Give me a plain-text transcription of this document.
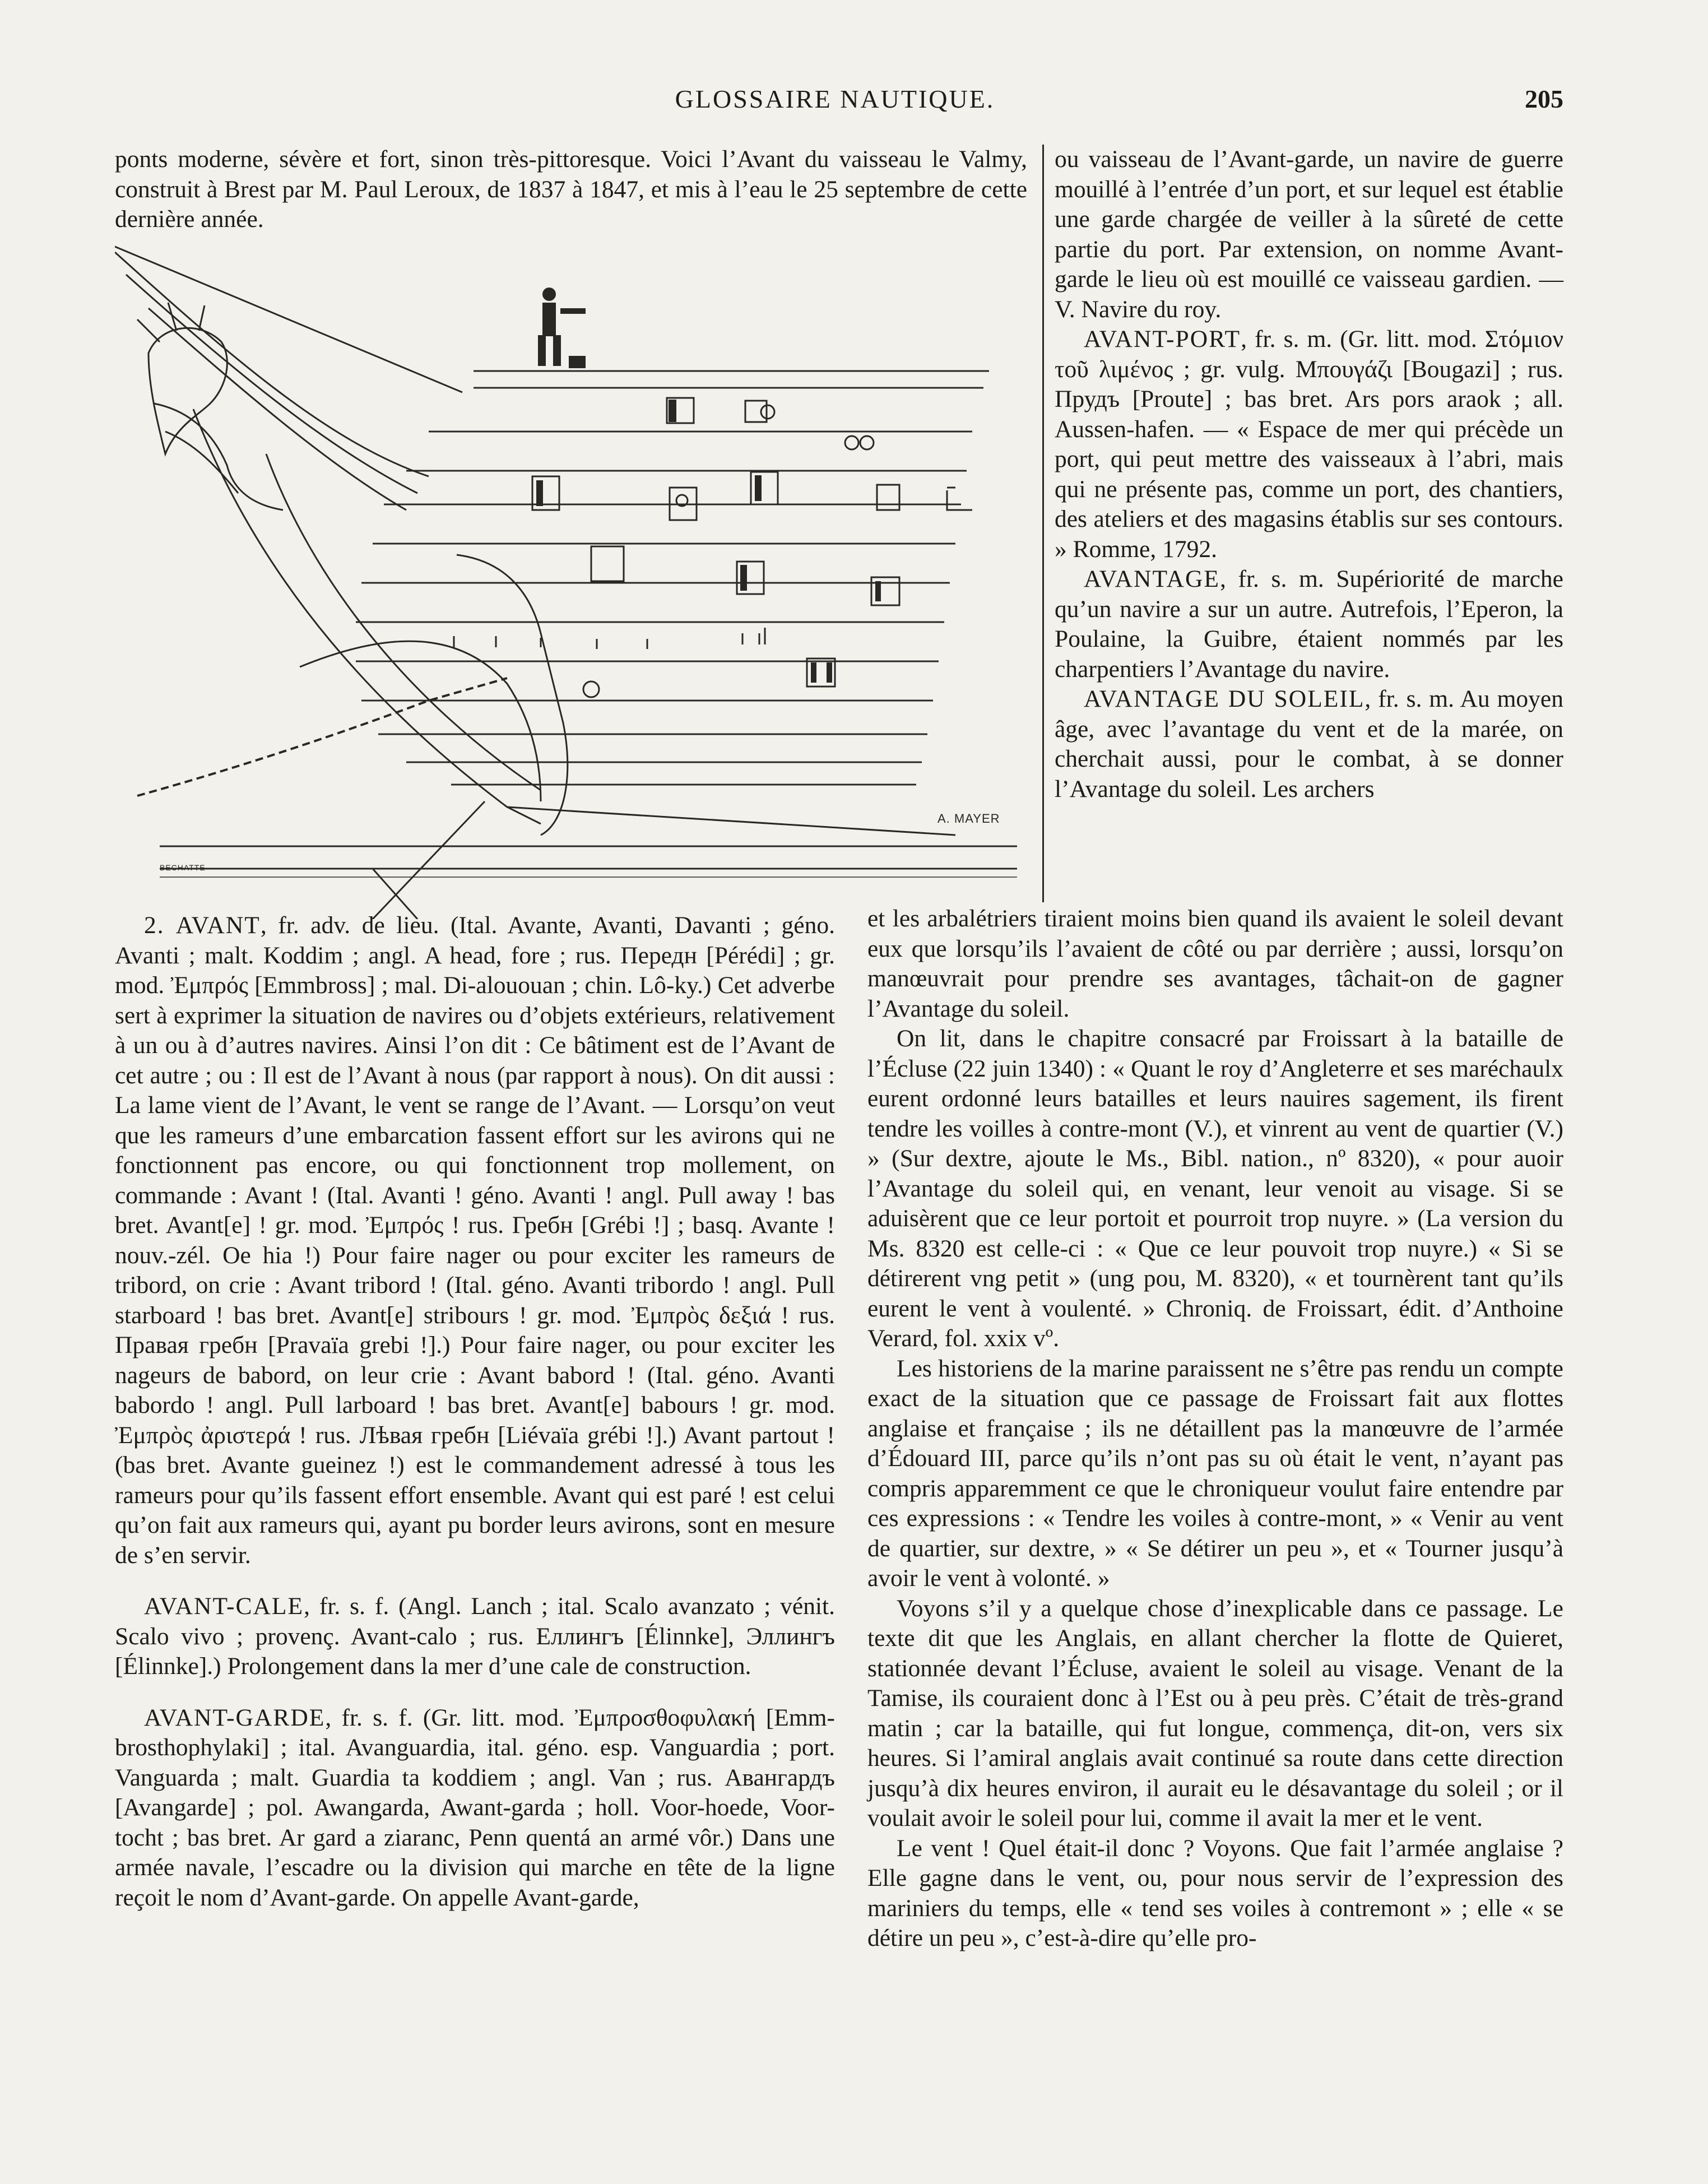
GLOSSAIRE NAUTIQUE.	205

ponts moderne, sévère et fort, sinon très-pittoresque. Voici l’Avant du vaisseau le Valmy, construit à Brest par M. Paul Leroux, de 1837 à 1847, et mis à l’eau le 25 septembre de cette dernière année.

A. MAYER
BECHATTE

ou vaisseau de l’Avant-garde, un navire de guerre mouillé à l’entrée d’un port, et sur lequel est établie une garde chargée de veiller à la sûreté de cette partie du port. Par extension, on nomme Avant-garde le lieu où est mouillé ce vaisseau gardien. — V. Navire du roy.

AVANT-PORT, fr. s. m. (Gr. litt. mod. Στόμιον τοῦ λιμένος ; gr. vulg. Μπουγάζι [Bougazi] ; rus. Прудъ [Proute] ; bas bret. Ars pors araok ; all. Aussen-hafen. — « Espace de mer qui précède un port, qui peut mettre des vaisseaux à l’abri, mais qui ne présente pas, comme un port, des chantiers, des ateliers et des magasins établis sur ses contours. » Romme, 1792.

AVANTAGE, fr. s. m. Supériorité de marche qu’un navire a sur un autre. Autrefois, l’Eperon, la Poulaine, la Guibre, étaient nommés par les charpentiers l’Avantage du navire.

AVANTAGE DU SOLEIL, fr. s. m. Au moyen âge, avec l’avantage du vent et de la marée, on cherchait aussi, pour le combat, à se donner l’Avantage du soleil. Les archers

2. AVANT, fr. adv. de lieu. (Ital. Avante, Avanti, Davanti ; géno. Avanti ; malt. Koddim ; angl. A head, fore ; rus. Передн [Pérédi] ; gr. mod. Ἐμπρός [Emmbross] ; mal. Di-alououan ; chin. Lô-ky.) Cet adverbe sert à exprimer la situation de navires ou d’objets extérieurs, relativement à un ou à d’autres navires. Ainsi l’on dit : Ce bâtiment est de l’Avant de cet autre ; ou : Il est de l’Avant à nous (par rapport à nous). On dit aussi : La lame vient de l’Avant, le vent se range de l’Avant. — Lorsqu’on veut que les rameurs d’une embarcation fassent effort sur les avirons qui ne fonctionnent pas encore, ou qui fonctionnent trop mollement, on commande : Avant ! (Ital. Avanti ! géno. Avanti ! angl. Pull away ! bas bret. Avant[e] ! gr. mod. Ἐμπρός ! rus. Гребн [Grébi !] ; basq. Avante ! nouv.-zél. Oe hia !) Pour faire nager ou pour exciter les rameurs de tribord, on crie : Avant tribord ! (Ital. géno. Avanti tribordo ! angl. Pull starboard ! bas bret. Avant[e] stribours ! gr. mod. Ἐμπρὸς δεξιά ! rus. Правая гребн [Pravaïa grebi !].) Pour faire nager, ou pour exciter les nageurs de babord, on leur crie : Avant babord ! (Ital. géno. Avanti babordo ! angl. Pull larboard ! bas bret. Avant[e] babours ! gr. mod. Ἐμπρὸς ἀριστερά ! rus. Лѣвая гребн [Liévaïa grébi !].) Avant partout ! (bas bret. Avante gueinez !) est le commandement adressé à tous les rameurs pour qu’ils fassent effort ensemble. Avant qui est paré ! est celui qu’on fait aux rameurs qui, ayant pu border leurs avirons, sont en mesure de s’en servir.

AVANT-CALE, fr. s. f. (Angl. Lanch ; ital. Scalo avanzato ; vénit. Scalo vivo ; provenç. Avant-calo ; rus. Еллингъ [Élinnke], Эллингъ [Élinnke].) Prolongement dans la mer d’une cale de construction.

AVANT-GARDE, fr. s. f. (Gr. litt. mod. Ἐμπροσθοφυλακή [Emm-brosthophylaki] ; ital. Avanguardia, ital. géno. esp. Vanguardia ; port. Vanguarda ; malt. Guardia ta koddiem ; angl. Van ; rus. Авангардъ [Avangarde] ; pol. Awangarda, Awant-garda ; holl. Voor-hoede, Voor-tocht ; bas bret. Ar gard a ziaranc, Penn quentá an armé vôr.) Dans une armée navale, l’escadre ou la division qui marche en tête de la ligne reçoit le nom d’Avant-garde. On appelle Avant-garde,

et les arbalétriers tiraient moins bien quand ils avaient le soleil devant eux que lorsqu’ils l’avaient de côté ou par derrière ; aussi, lorsqu’on manœuvrait pour prendre ses avantages, tâchait-on de gagner l’Avantage du soleil.

On lit, dans le chapitre consacré par Froissart à la bataille de l’Écluse (22 juin 1340) : « Quant le roy d’Angleterre et ses maréchaulx eurent ordonné leurs batailles et leurs nauires sagement, ils firent tendre les voilles à contre-mont (V.), et vinrent au vent de quartier (V.) » (Sur dextre, ajoute le Ms., Bibl. nation., nº 8320), « pour auoir l’Avantage du soleil qui, en venant, leur venoit au visage. Si se aduisèrent que ce leur portoit et pourroit trop nuyre. » (La version du Ms. 8320 est celle-ci : « Que ce leur pouvoit trop nuyre.) « Si se détirerent vng petit » (ung pou, M. 8320), « et tournèrent tant qu’ils eurent le vent à voulenté. » Chroniq. de Froissart, édit. d’Anthoine Verard, fol. xxix vº.

Les historiens de la marine paraissent ne s’être pas rendu un compte exact de la situation que ce passage de Froissart fait aux flottes anglaise et française ; ils ne détaillent pas la manœuvre de l’armée d’Édouard III, parce qu’ils n’ont pas su où était le vent, n’ayant pas compris apparemment ce que le chroniqueur voulut faire entendre par ces expressions : « Tendre les voiles à contre-mont, » « Venir au vent de quartier, sur dextre, » « Se détirer un peu », et « Tourner jusqu’à avoir le vent à volonté. »

Voyons s’il y a quelque chose d’inexplicable dans ce passage. Le texte dit que les Anglais, en allant chercher la flotte de Quieret, stationnée devant l’Écluse, avaient le soleil au visage. Venant de la Tamise, ils couraient donc à l’Est ou à peu près. C’était de très-grand matin ; car la bataille, qui fut longue, commença, dit-on, vers six heures. Si l’amiral anglais avait continué sa route dans cette direction jusqu’à dix heures environ, il aurait eu le désavantage du soleil ; or il voulait avoir le soleil pour lui, comme il avait la mer et le vent.

Le vent ! Quel était-il donc ? Voyons. Que fait l’armée anglaise ? Elle gagne dans le vent, ou, pour nous servir de l’expression des mariniers du temps, elle « tend ses voiles à contremont » ; elle « se détire un peu », c’est-à-dire qu’elle pro-
